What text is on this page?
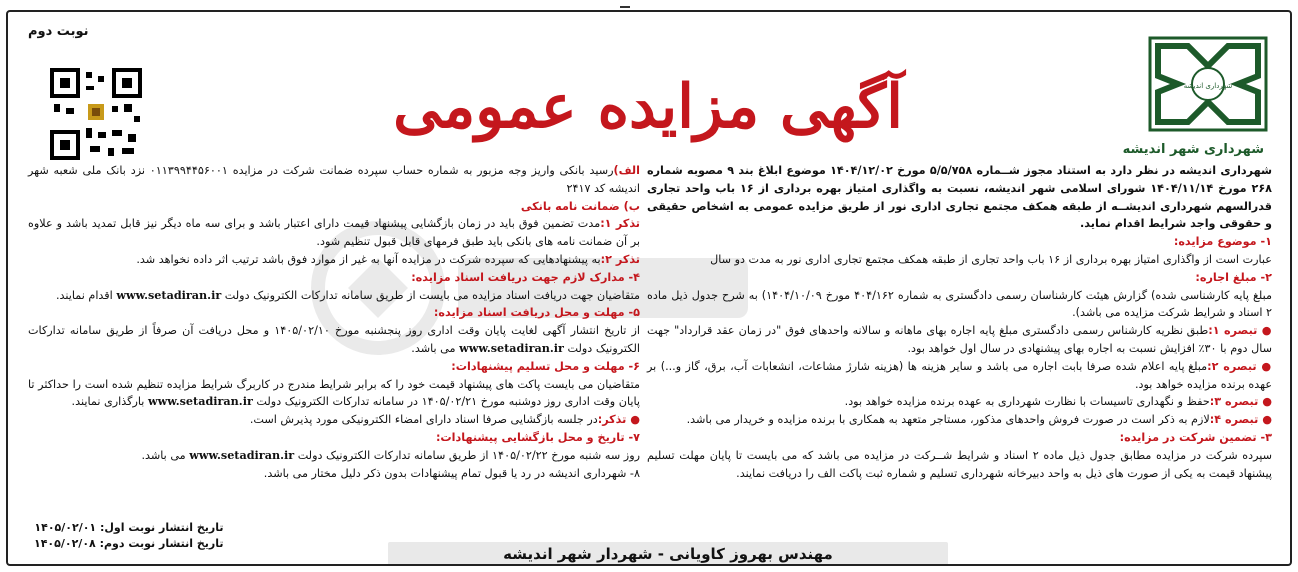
شهرداری اندیشه
شهرداری شهر اندیشه
آگهی مزایده عمومی
نوبت دوم

شهرداری اندیشه در نظر دارد به استناد مجوز شــماره ۵/۵/۷۵۸ مورخ ۱۴۰۴/۱۲/۰۲ موضوع ابلاغ بند ۹ مصوبه شماره ۲۶۸ مورخ ۱۴۰۴/۱۱/۱۴ شورای اسلامی شهر اندیشه، نسبت به واگذاری امتیاز بهره برداری از ۱۶ باب واحد تجاری قدرالسهم شهرداری اندیشــه از طبقه همکف مجتمع تجاری اداری نور از طریق مزایده عمومی به اشخاص حقیقی و حقوقی واجد شرایط اقدام نماید.

۱- موضوع مزایده:

عبارت است از واگذاری امتیاز بهره برداری از ۱۶ باب واحد تجاری از طبقه همکف مجتمع تجاری اداری نور به مدت دو سال

۲- مبلغ اجاره:

مبلغ پایه کارشناسی شده) گزارش هیئت کارشناسان رسمی دادگستری به شماره ۴۰۴/۱۶۲ مورخ ۱۴۰۴/۱۰/۰۹) به شرح جدول ذیل ماده ۲ اسناد و شرایط شرکت مزایده می باشد).

● تبصره ۱:طبق نظریه کارشناس رسمی دادگستری مبلغ پایه اجاره بهای ماهانه و سالانه واحدهای فوق "در زمان عقد قرارداد" جهت سال دوم با ۳۰٪ افزایش نسبت به اجاره بهای پیشنهادی در سال اول خواهد بود.

● تبصره ۲:مبلغ پایه اعلام شده صرفا بابت اجاره می باشد و سایر هزینه ها (هزینه شارژ مشاعات، انشعابات آب، برق، گاز و...) بر عهده برنده مزایده خواهد بود.

● تبصره ۳:حفظ و نگهداری تاسیسات با نظارت شهرداری به عهده برنده مزایده خواهد بود.

● تبصره ۴:لازم به ذکر است در صورت فروش واحدهای مذکور، مستاجر متعهد به همکاری با برنده مزایده و خریدار می باشد.

۳- تضمین شرکت در مزایده:

سپرده شرکت در مزایده مطابق جدول ذیل ماده ۲ اسناد و شرایط شــرکت در مزایده می باشد که می بایست تا پایان مهلت تسلیم پیشنهاد قیمت به یکی از صورت های ذیل به واحد دبیرخانه شهرداری تسلیم و شماره ثبت پاکت الف را دریافت نمایند.

الف)رسید بانکی واریز وجه مزبور به شماره حساب سپرده ضمانت شرکت در مزایده ۰۱۱۳۹۹۴۴۵۶۰۰۱ نزد بانک ملی شعبه شهر اندیشه کد ۲۴۱۷

ب) ضمانت نامه بانکی

تذکر ۱:مدت تضمین فوق باید در زمان بازگشایی پیشنهاد قیمت دارای اعتبار باشد و برای سه ماه دیگر نیز قابل تمدید باشد و علاوه بر آن ضمانت نامه های بانکی باید طبق فرمهای قابل قبول تنظیم شود.

تذکر ۲:به پیشنهادهایی که سپرده شرکت در مزایده آنها به غیر از موارد فوق باشد ترتیب اثر داده نخواهد شد.

۴- مدارک لازم جهت دریافت اسناد مزایده:

متقاضیان جهت دریافت اسناد مزایده می بایست از طریق سامانه تدارکات الکترونیک دولت www.setadiran.ir اقدام نمایند.

۵- مهلت و محل دریافت اسناد مزایده:

از تاریخ انتشار آگهی لغایت پایان وقت اداری روز پنجشنبه مورخ ۱۴۰۵/۰۲/۱۰ و محل دریافت آن صرفاً از طریق سامانه تدارکات الکترونیک دولت www.setadiran.ir می باشد.

۶- مهلت و محل تسلیم پیشنهادات:

متقاضیان می بایست پاکت های پیشنهاد قیمت خود را که برابر شرایط مندرج در کاربرگ شرایط مزایده تنظیم شده است را حداکثر تا پایان وقت اداری روز دوشنبه مورخ ۱۴۰۵/۰۲/۲۱ در سامانه تدارکات الکترونیک دولت www.setadiran.ir بارگذاری نمایند.

● تذکر:در جلسه بازگشایی صرفا اسناد دارای امضاء الکترونیکی مورد پذیرش است.

۷- تاریخ و محل بازگشایی پیشنهادات:

روز سه شنبه مورخ ۱۴۰۵/۰۲/۲۲ از طریق سامانه تدارکات الکترونیک دولت www.setadiran.ir می باشد.

۸- شهرداری اندیشه در رد یا قبول تمام پیشنهادات بدون ذکر دلیل مختار می باشد.

تاریخ انتشار نوبت اول: ۱۴۰۵/۰۲/۰۱
تاریخ انتشار نوبت دوم: ۱۴۰۵/۰۲/۰۸
مهندس بهروز کاویانی - شهردار شهر اندیشه
